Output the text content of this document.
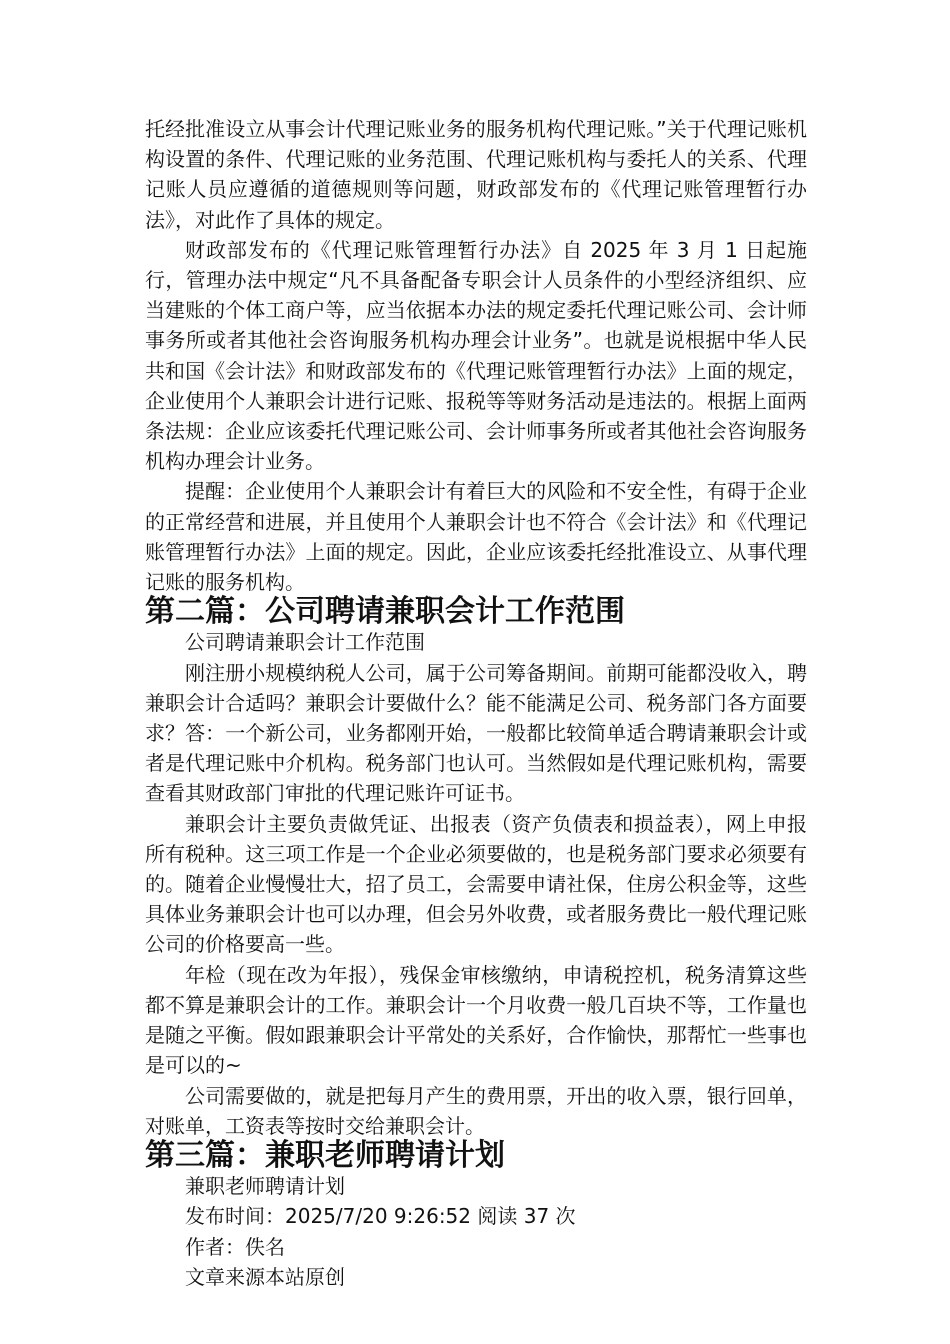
托经批准设立从事会计代理记账业务的服务机构代理记账。”关于代理记账机构设置的条件、代理记账的业务范围、代理记账机构与委托人的关系、代理记账人员应遵循的道德规则等问题，财政部发布的《代理记账管理暂行办法》，对此作了具体的规定。

财政部发布的《代理记账管理暂行办法》自 2025 年 3 月 1 日起施行，管理办法中规定“凡不具备配备专职会计人员条件的小型经济组织、应当建账的个体工商户等，应当依据本办法的规定委托代理记账公司、会计师事务所或者其他社会咨询服务机构办理会计业务”。也就是说根据中华人民共和国《会计法》和财政部发布的《代理记账管理暂行办法》上面的规定，企业使用个人兼职会计进行记账、报税等等财务活动是违法的。根据上面两条法规：企业应该委托代理记账公司、会计师事务所或者其他社会咨询服务机构办理会计业务。

提醒：企业使用个人兼职会计有着巨大的风险和不安全性，有碍于企业的正常经营和进展，并且使用个人兼职会计也不符合《会计法》和《代理记账管理暂行办法》上面的规定。因此，企业应该委托经批准设立、从事代理记账的服务机构。

第二篇：公司聘请兼职会计工作范围

公司聘请兼职会计工作范围

刚注册小规模纳税人公司，属于公司筹备期间。前期可能都没收入，聘兼职会计合适吗？兼职会计要做什么？能不能满足公司、税务部门各方面要求？答：一个新公司，业务都刚开始，一般都比较简单适合聘请兼职会计或者是代理记账中介机构。税务部门也认可。当然假如是代理记账机构，需要查看其财政部门审批的代理记账许可证书。

兼职会计主要负责做凭证、出报表（资产负债表和损益表），网上申报所有税种。这三项工作是一个企业必须要做的，也是税务部门要求必须要有的。随着企业慢慢壮大，招了员工，会需要申请社保，住房公积金等，这些具体业务兼职会计也可以办理，但会另外收费，或者服务费比一般代理记账公司的价格要高一些。

年检（现在改为年报），残保金审核缴纳，申请税控机，税务清算这些都不算是兼职会计的工作。兼职会计一个月收费一般几百块不等，工作量也是随之平衡。假如跟兼职会计平常处的关系好，合作愉快，那帮忙一些事也是可以的~

公司需要做的，就是把每月产生的费用票，开出的收入票，银行回单，对账单，工资表等按时交给兼职会计。

第三篇：兼职老师聘请计划

兼职老师聘请计划

发布时间：2025/7/20 9:26:52 阅读 37 次

作者：佚名

文章来源本站原创
